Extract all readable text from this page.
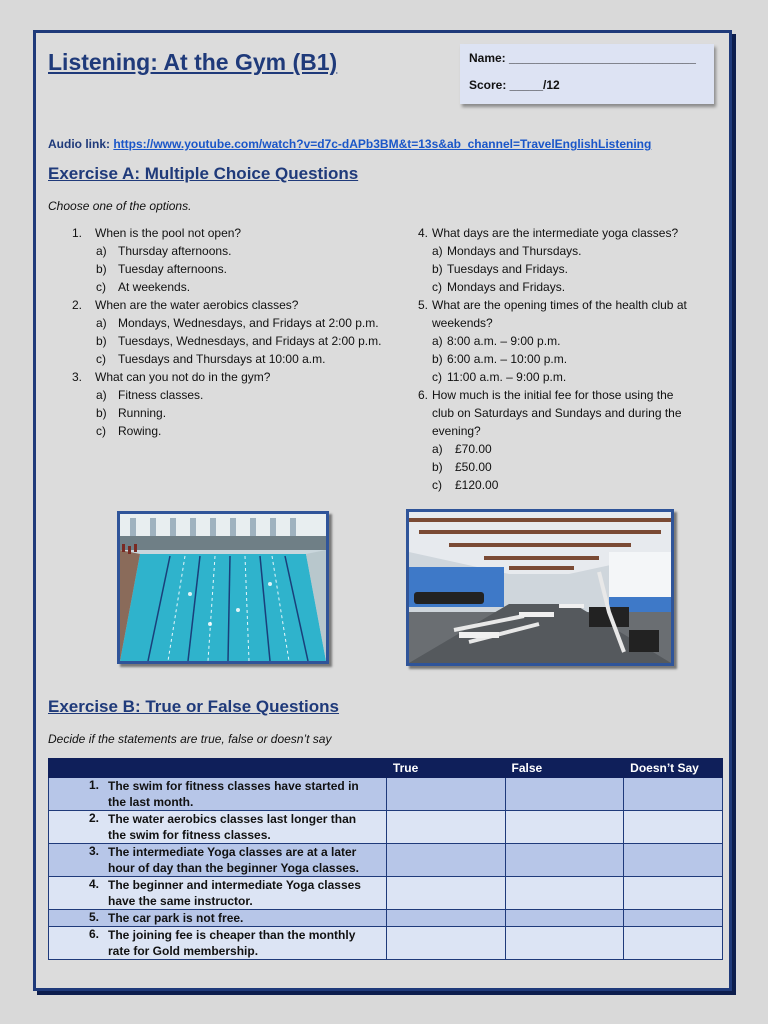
Listening: At the Gym (B1)	Name: ____________________________
Score: _____/12
Audio link: https://www.youtube.com/watch?v=d7c-dAPb3BM&t=13s&ab_channel=TravelEnglishListening
Exercise A: Multiple Choice Questions
Choose one of the options.
1. When is the pool not open?
a) Thursday afternoons.
b) Tuesday afternoons.
c) At weekends.
2. When are the water aerobics classes?
a) Mondays, Wednesdays, and Fridays at 2:00 p.m.
b) Tuesdays, Wednesdays, and Fridays at 2:00 p.m.
c) Tuesdays and Thursdays at 10:00 a.m.
3. What can you not do in the gym?
a) Fitness classes.
b) Running.
c) Rowing.
4. What days are the intermediate yoga classes?
a) Mondays and Thursdays.
b) Tuesdays and Fridays.
c) Mondays and Fridays.
5. What are the opening times of the health club at
weekends?
a) 8:00 a.m. – 9:00 p.m.
b) 6:00 a.m. – 10:00 p.m.
c) 11:00 a.m. – 9:00 p.m.
6. How much is the initial fee for those using the
club on Saturdays and Sundays and during the
evening?
a) £70.00
b) £50.00
c) £120.00
Exercise B: True or False Questions
Decide if the statements are true, false or doesn’t say
	True	False	Doesn’t Say

1. The swim for fitness classes have started in the last month.			

2. The water aerobics classes last longer than the swim for fitness classes.			

3. The intermediate Yoga classes are at a later hour of day than the beginner Yoga classes.			

4. The beginner and intermediate Yoga classes have the same instructor.			

5. The car park is not free.			

6. The joining fee is cheaper than the monthly rate for Gold membership.			
